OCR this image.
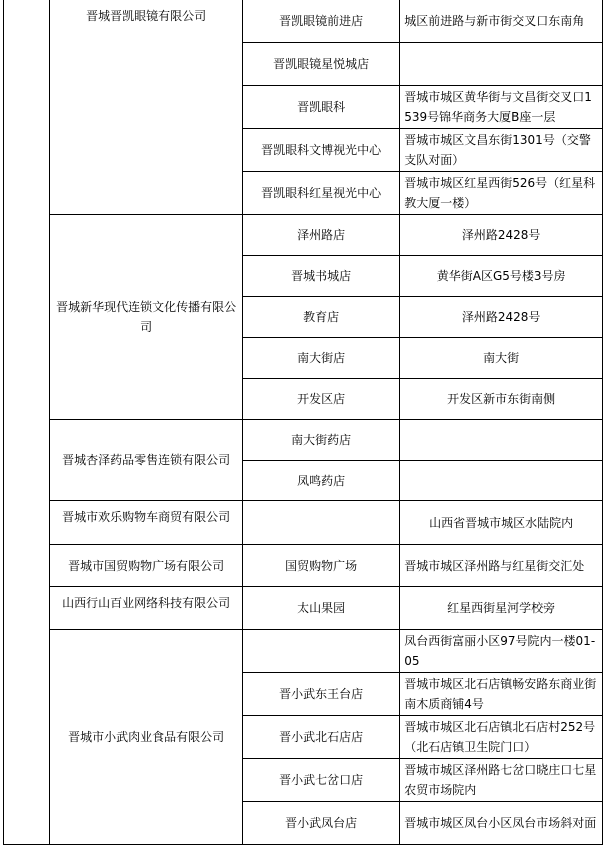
	晋城晋凯眼镜有限公司	晋凯眼镜前进店	城区前进路与新市街交叉口东南角
		晋凯眼镜星悦城店	
		晋凯眼科	晋城市城区黄华街与文昌街交叉口1539号锦华商务大厦B座一层
		晋凯眼科文博视光中心	晋城市城区文昌东街1301号（交警支队对面）
		晋凯眼科红星视光中心	晋城市城区红星西街526号（红星科教大厦一楼）
	晋城新华现代连锁文化传播有限公司	泽州路店	泽州路2428号
		晋城书城店	黄华街A区G5号楼3号房
		教育店	泽州路2428号
		南大街店	南大街
		开发区店	开发区新市东街南侧
	晋城杏泽药品零售连锁有限公司	南大街药店	
		凤鸣药店	
	晋城市欢乐购物车商贸有限公司		山西省晋城市城区水陆院内
	晋城市国贸购物广场有限公司	国贸购物广场	晋城市城区泽州路与红星街交汇处
	山西行山百业网络科技有限公司	太山果园	红星西街星河学校旁
	晋城市小武肉业食品有限公司		凤台西街富丽小区97号院内一楼01-05
		晋小武东王台店	晋城市城区北石店镇畅安路东商业街南木质商铺4号
		晋小武北石店店	晋城市城区北石店镇北石店村252号（北石店镇卫生院门口）
		晋小武七岔口店	晋城市城区泽州路七岔口晓庄口七星农贸市场院内
		晋小武凤台店	晋城市城区凤台小区凤台市场斜对面
